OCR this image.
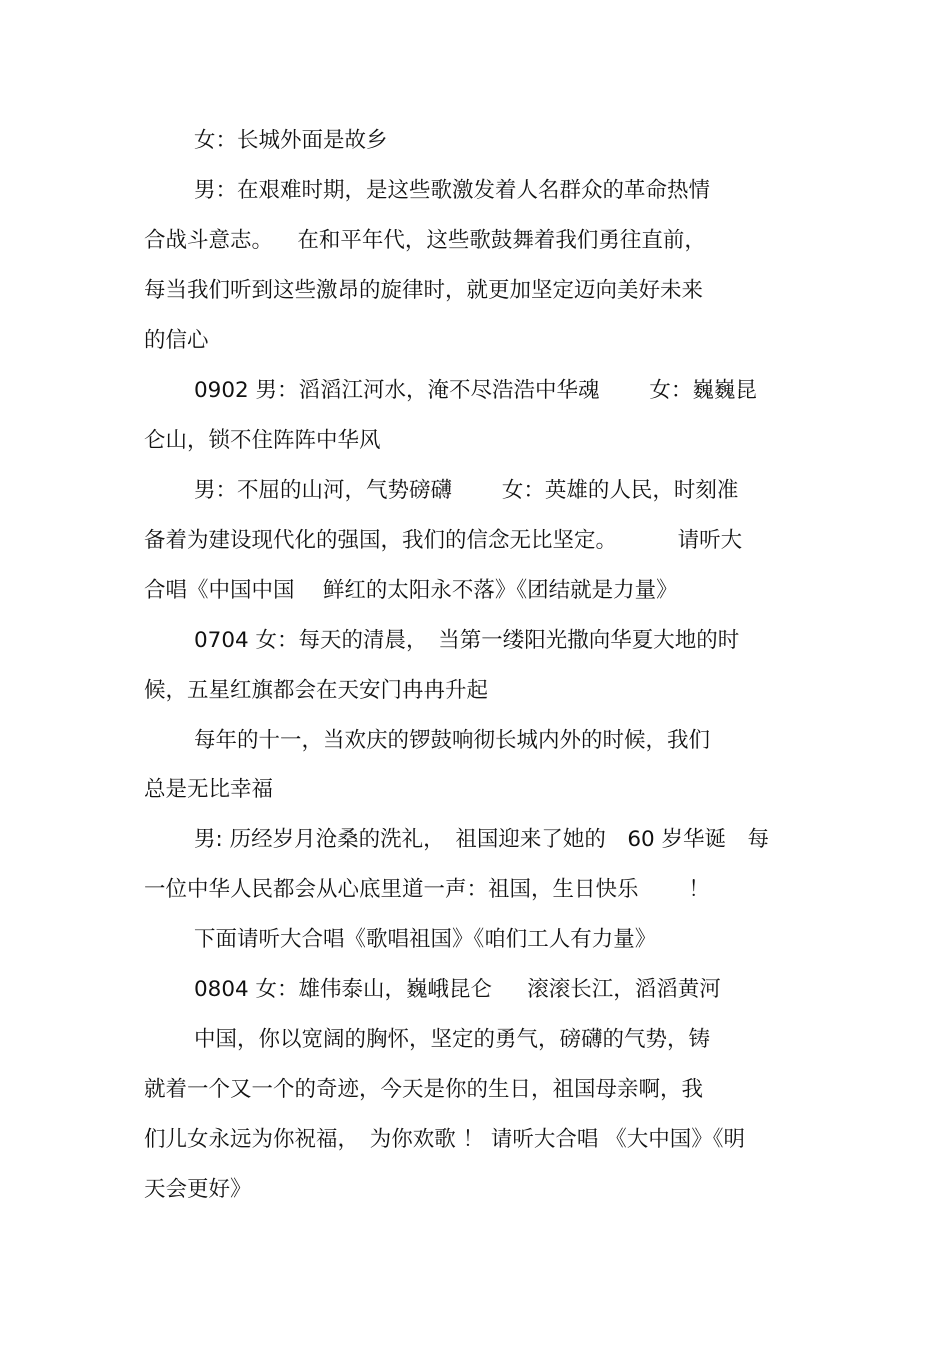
女：长城外面是故乡
男：在艰难时期，是这些歌激发着人名群众的革命热情
合战斗意志。　  在和平年代，这些歌鼓舞着我们勇往直前，
每当我们听到这些激昂的旋律时，就更加坚定迈向美好未来
的信心
0902 男：滔滔江河水，淹不尽浩浩中华魂　　 女：巍巍昆
仑山，锁不住阵阵中华风
男：不屈的山河，气势磅礴　　 女：英雄的人民，时刻准
备着为建设现代化的强国，我们的信念无比坚定。　　　 请听大
合唱《中国中国　 鲜红的太阳永不落》《团结就是力量》
0704 女：每天的清晨，　当第一缕阳光撒向华夏大地的时
候，五星红旗都会在天安门冉冉升起
每年的十一，当欢庆的锣鼓响彻长城内外的时候，我们
总是无比幸福
男: 历经岁月沧桑的洗礼，　祖国迎来了她的　60 岁华诞　每
一位中华人民都会从心底里道一声：祖国，生日快乐　　 ！
下面请听大合唱《歌唱祖国》《咱们工人有力量》
0804 女：雄伟泰山，巍峨昆仑　  滚滚长江，滔滔黄河
中国，你以宽阔的胸怀，坚定的勇气，磅礴的气势，铸
就着一个又一个的奇迹，今天是你的生日，祖国母亲啊，我
们儿女永远为你祝福，　为你欢歌 ！ 请听大合唱 《大中国》《明
天会更好》
